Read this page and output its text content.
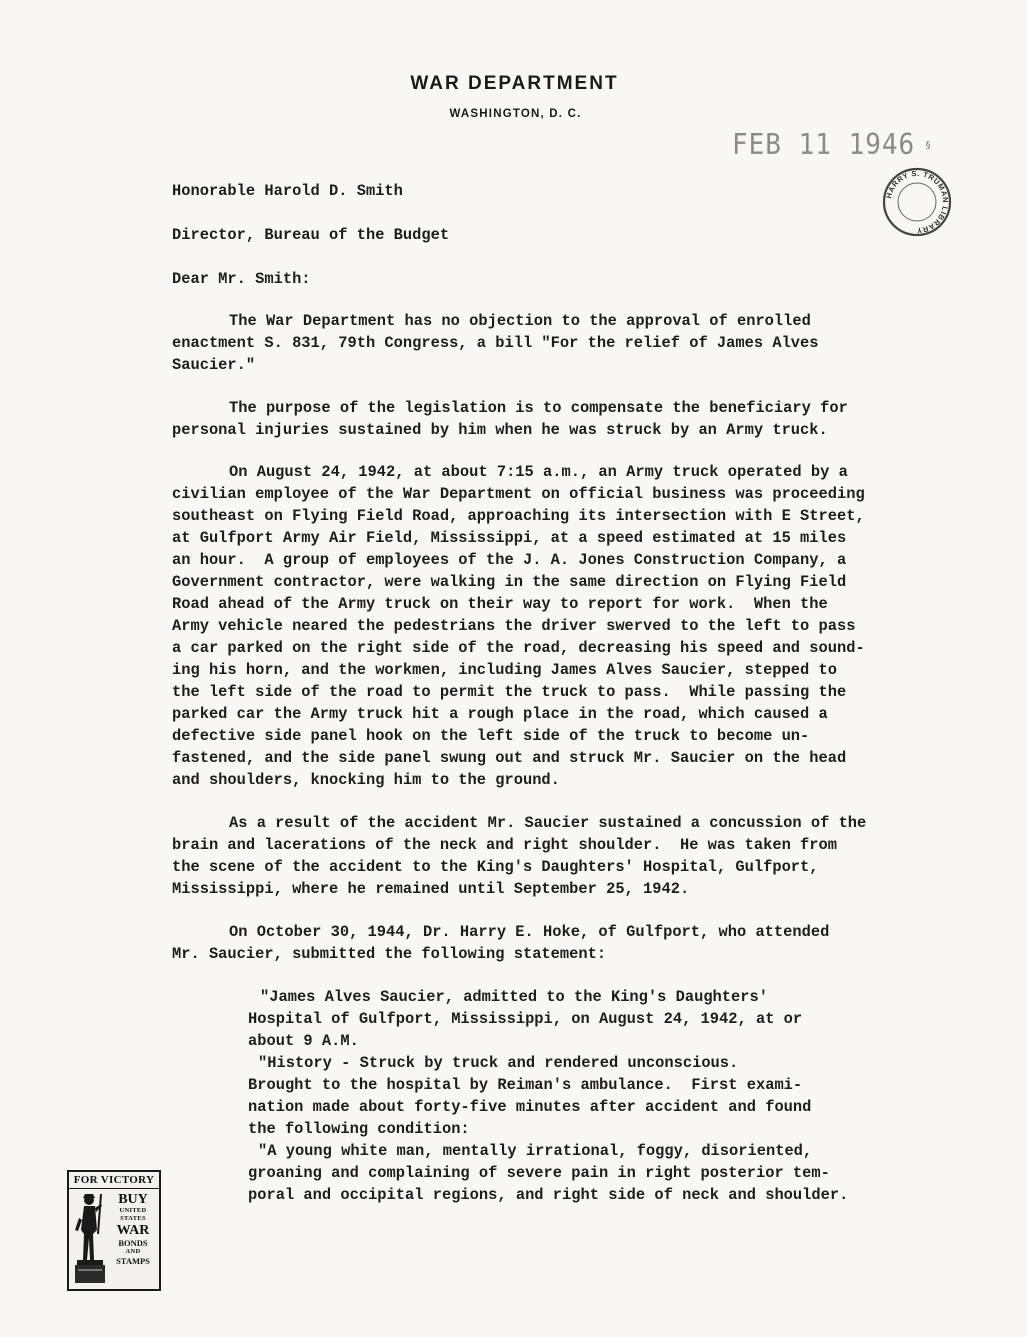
WAR DEPARTMENT
WASHINGTON, D. C.
FEB 11 1946 §
HARRY S. TRUMAN LIBRARY
Honorable Harold D. Smith
Director, Bureau of the Budget
Dear Mr. Smith:
The War Department has no objection to the approval of enrolled
enactment S. 831, 79th Congress, a bill "For the relief of James Alves
Saucier."
The purpose of the legislation is to compensate the beneficiary for
personal injuries sustained by him when he was struck by an Army truck.
On August 24, 1942, at about 7:15 a.m., an Army truck operated by a
civilian employee of the War Department on official business was proceeding
southeast on Flying Field Road, approaching its intersection with E Street,
at Gulfport Army Air Field, Mississippi, at a speed estimated at 15 miles
an hour.  A group of employees of the J. A. Jones Construction Company, a
Government contractor, were walking in the same direction on Flying Field
Road ahead of the Army truck on their way to report for work.  When the
Army vehicle neared the pedestrians the driver swerved to the left to pass
a car parked on the right side of the road, decreasing his speed and sound-
ing his horn, and the workmen, including James Alves Saucier, stepped to
the left side of the road to permit the truck to pass.  While passing the
parked car the Army truck hit a rough place in the road, which caused a
defective side panel hook on the left side of the truck to become un-
fastened, and the side panel swung out and struck Mr. Saucier on the head
and shoulders, knocking him to the ground.
As a result of the accident Mr. Saucier sustained a concussion of the
brain and lacerations of the neck and right shoulder.  He was taken from
the scene of the accident to the King's Daughters' Hospital, Gulfport,
Mississippi, where he remained until September 25, 1942.
On October 30, 1944, Dr. Harry E. Hoke, of Gulfport, who attended
Mr. Saucier, submitted the following statement:
"James Alves Saucier, admitted to the King's Daughters'
Hospital of Gulfport, Mississippi, on August 24, 1942, at or
about 9 A.M.
"History - Struck by truck and rendered unconscious.
Brought to the hospital by Reiman's ambulance.  First exami-
nation made about forty-five minutes after accident and found
the following condition:
"A young white man, mentally irrational, foggy, disoriented,
groaning and complaining of severe pain in right posterior tem-
poral and occipital regions, and right side of neck and shoulder.
FOR VICTORY
BUY
UNITED
STATES
WAR
BONDS
AND
STAMPS
